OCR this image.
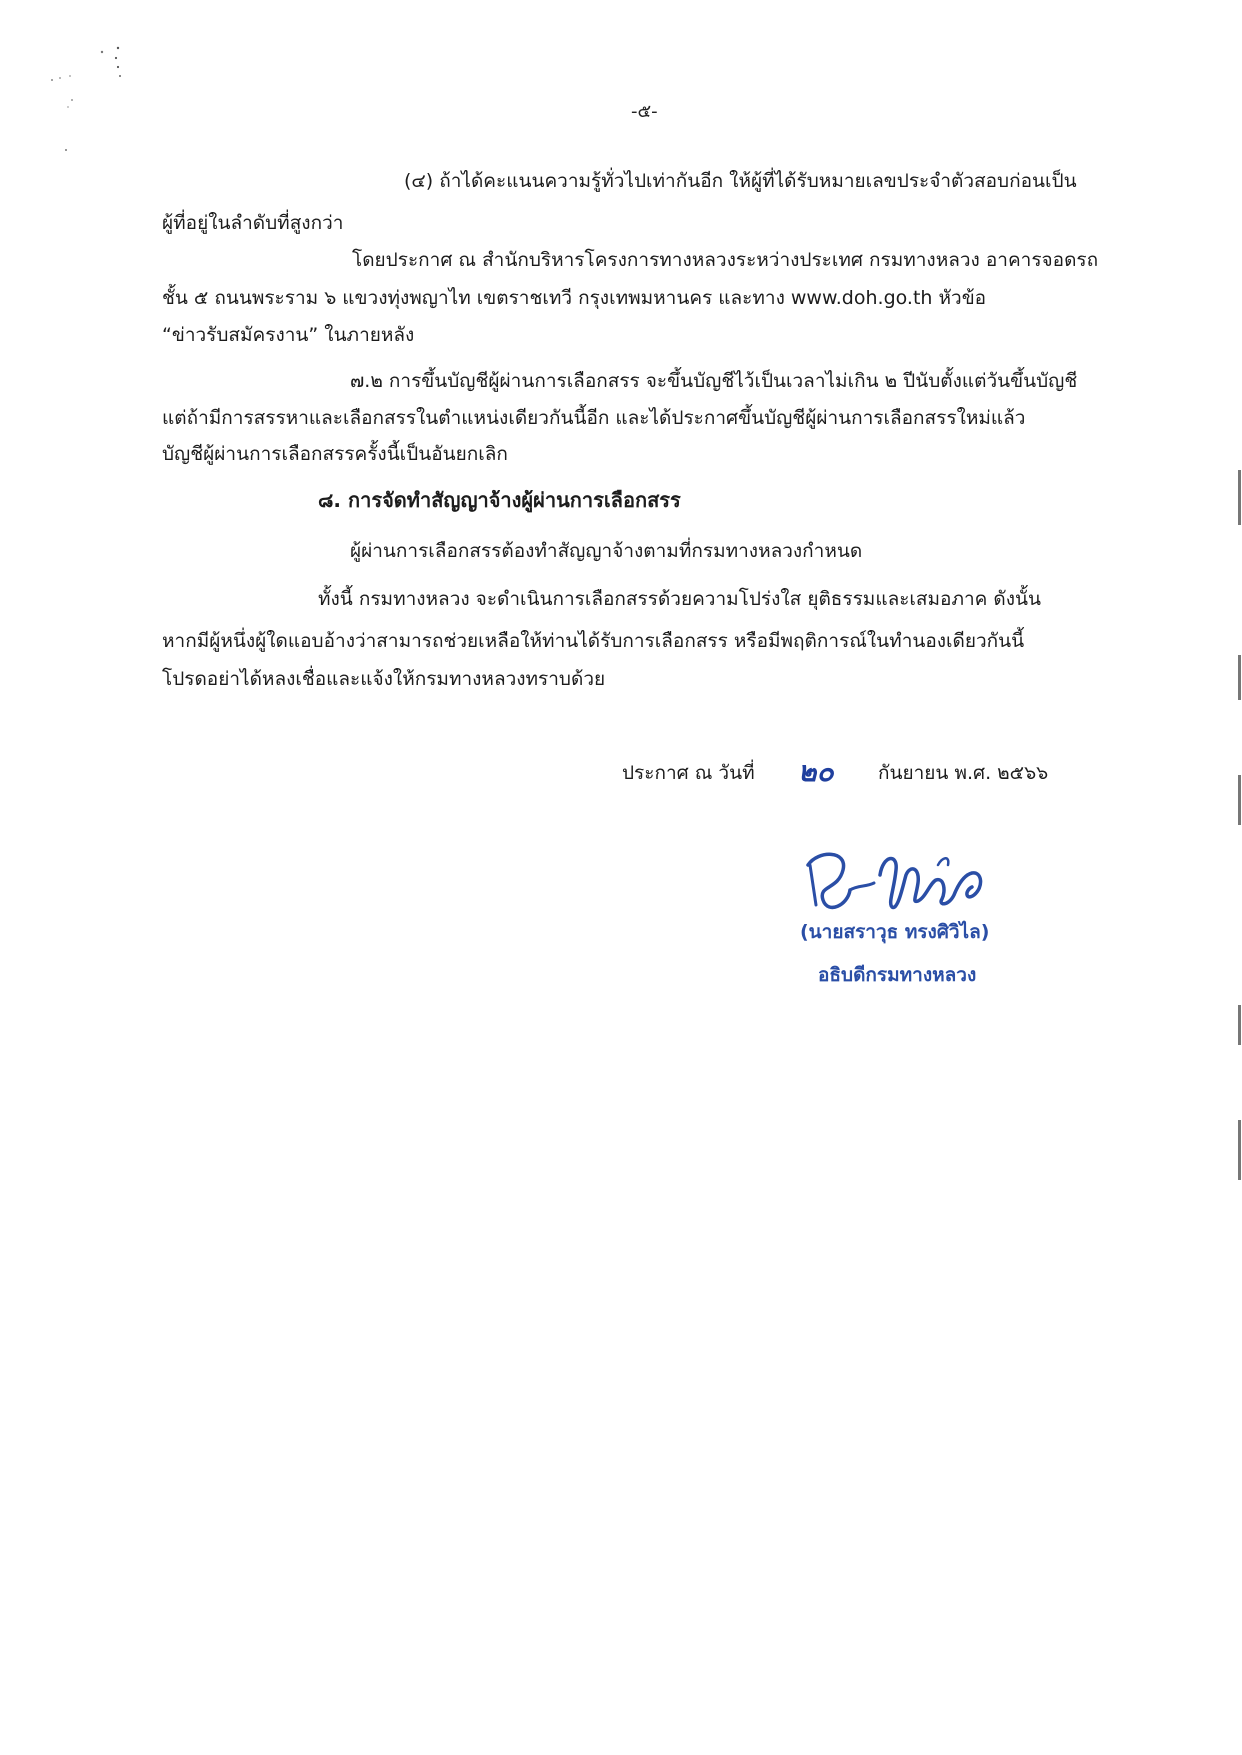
-๕-
(๔) ถ้าได้คะแนนความรู้ทั่วไปเท่ากันอีก ให้ผู้ที่ได้รับหมายเลขประจำตัวสอบก่อนเป็น
ผู้ที่อยู่ในลำดับที่สูงกว่า
โดยประกาศ ณ สำนักบริหารโครงการทางหลวงระหว่างประเทศ กรมทางหลวง อาคารจอดรถ
ชั้น ๕ ถนนพระราม ๖ แขวงทุ่งพญาไท เขตราชเทวี กรุงเทพมหานคร และทาง www.doh.go.th หัวข้อ
“ข่าวรับสมัครงาน” ในภายหลัง
๗.๒ การขึ้นบัญชีผู้ผ่านการเลือกสรร จะขึ้นบัญชีไว้เป็นเวลาไม่เกิน ๒ ปีนับตั้งแต่วันขึ้นบัญชี
แต่ถ้ามีการสรรหาและเลือกสรรในตำแหน่งเดียวกันนี้อีก และได้ประกาศขึ้นบัญชีผู้ผ่านการเลือกสรรใหม่แล้ว
บัญชีผู้ผ่านการเลือกสรรครั้งนี้เป็นอันยกเลิก
๘. การจัดทำสัญญาจ้างผู้ผ่านการเลือกสรร
ผู้ผ่านการเลือกสรรต้องทำสัญญาจ้างตามที่กรมทางหลวงกำหนด
ทั้งนี้ กรมทางหลวง จะดำเนินการเลือกสรรด้วยความโปร่งใส ยุติธรรมและเสมอภาค ดังนั้น
หากมีผู้หนึ่งผู้ใดแอบอ้างว่าสามารถช่วยเหลือให้ท่านได้รับการเลือกสรร หรือมีพฤติการณ์ในทำนองเดียวกันนี้
โปรดอย่าได้หลงเชื่อและแจ้งให้กรมทางหลวงทราบด้วย
ประกาศ ณ วันที่ ๒๐ กันยายน พ.ศ. ๒๕๖๖
(นายสราวุธ ทรงศิวิไล)
อธิบดีกรมทางหลวง
